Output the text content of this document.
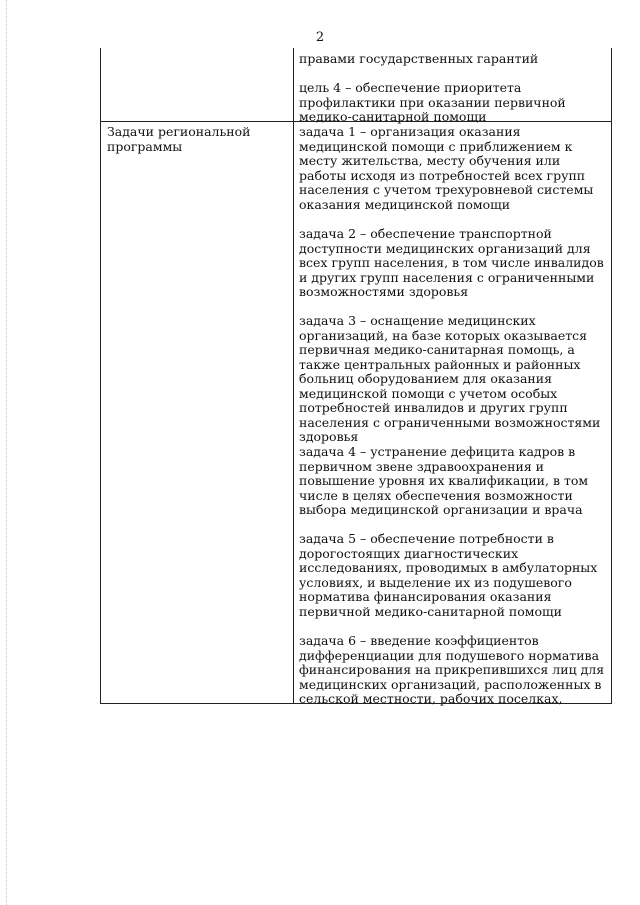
2

правами государственных гарантий

цель 4 – обеспечение приоритета профилактики при оказании первичной медико-санитарной помощи

Задачи региональной программы

задача 1 – организация оказания медицинской помощи с приближением к месту жительства, месту обучения или работы исходя из потребностей всех групп населения с учетом трехуровневой системы оказания медицинской помощи

задача 2 – обеспечение транспортной доступности медицинских организаций для всех групп населения, в том числе инвалидов и других групп населения с ограниченными возможностями здоровья

задача 3 – оснащение медицинских организаций, на базе которых оказывается первичная медико-санитарная помощь, а также центральных районных и районных больниц оборудованием для оказания медицинской помощи с учетом особых потребностей инвалидов и других групп населения с ограниченными возможностями здоровья

задача 4 – устранение дефицита кадров в первичном звене здравоохранения и повышение уровня их квалификации, в том числе в целях обеспечения возможности выбора медицинской организации и врача

задача 5 – обеспечение потребности в дорогостоящих диагностических исследованиях, проводимых в амбулаторных условиях, и выделение их из подушевого норматива финансирования оказания первичной медико-санитарной помощи

задача 6 – введение коэффициентов дифференциации для подушевого норматива финансирования на прикрепившихся лиц для медицинских организаций, расположенных в сельской местности, рабочих поселках,
